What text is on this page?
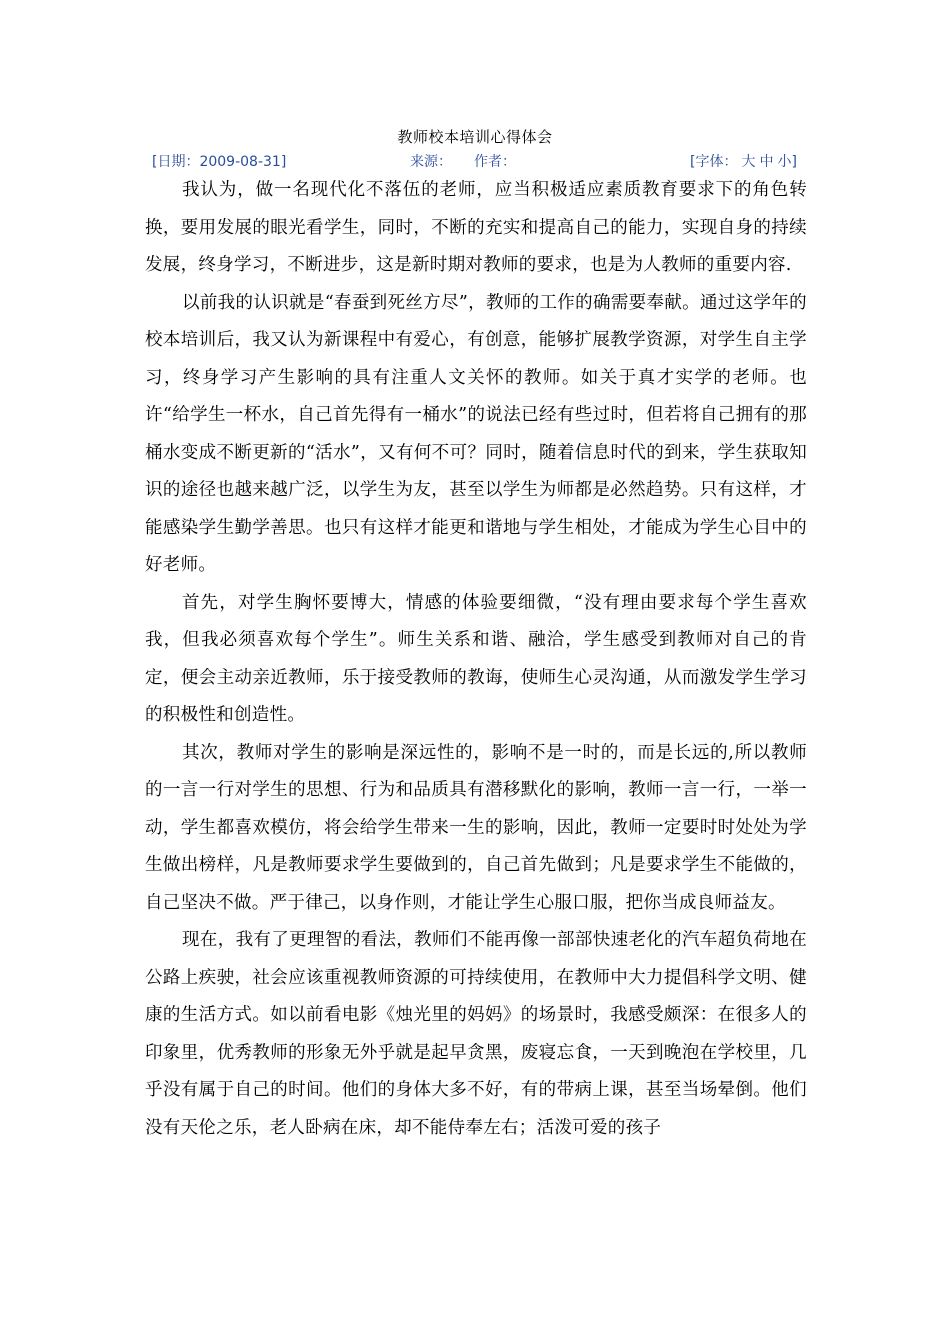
教师校本培训心得体会
[日期：2009-08-31]	来源： 作者：	[字体： 大 中 小]

我认为，做一名现代化不落伍的老师，应当积极适应素质教育要求下的角色转换，要用发展的眼光看学生，同时，不断的充实和提高自己的能力，实现自身的持续发展，终身学习，不断进步，这是新时期对教师的要求，也是为人教师的重要内容.

以前我的认识就是“春蚕到死丝方尽”，教师的工作的确需要奉献。通过这学年的校本培训后，我又认为新课程中有爱心，有创意，能够扩展教学资源，对学生自主学习，终身学习产生影响的具有注重人文关怀的教师。如关于真才实学的老师。也许“给学生一杯水，自己首先得有一桶水”的说法已经有些过时，但若将自己拥有的那桶水变成不断更新的“活水”，又有何不可？同时，随着信息时代的到来，学生获取知识的途径也越来越广泛，以学生为友，甚至以学生为师都是必然趋势。只有这样，才能感染学生勤学善思。也只有这样才能更和谐地与学生相处，才能成为学生心目中的好老师。

首先，对学生胸怀要博大，情感的体验要细微，“没有理由要求每个学生喜欢我，但我必须喜欢每个学生”。师生关系和谐、融洽，学生感受到教师对自己的肯定，便会主动亲近教师，乐于接受教师的教诲，使师生心灵沟通，从而激发学生学习的积极性和创造性。

其次，教师对学生的影响是深远性的，影响不是一时的，而是长远的,所以教师的一言一行对学生的思想、行为和品质具有潜移默化的影响，教师一言一行，一举一动，学生都喜欢模仿，将会给学生带来一生的影响，因此，教师一定要时时处处为学生做出榜样，凡是教师要求学生要做到的，自己首先做到；凡是要求学生不能做的，自己坚决不做。严于律己，以身作则，才能让学生心服口服，把你当成良师益友。

现在，我有了更理智的看法，教师们不能再像一部部快速老化的汽车超负荷地在公路上疾驶，社会应该重视教师资源的可持续使用，在教师中大力提倡科学文明、健康的生活方式。如以前看电影《烛光里的妈妈》的场景时，我感受颇深：在很多人的印象里，优秀教师的形象无外乎就是起早贪黑，废寝忘食，一天到晚泡在学校里，几乎没有属于自己的时间。他们的身体大多不好，有的带病上课，甚至当场晕倒。他们没有天伦之乐，老人卧病在床，却不能侍奉左右；活泼可爱的孩子
